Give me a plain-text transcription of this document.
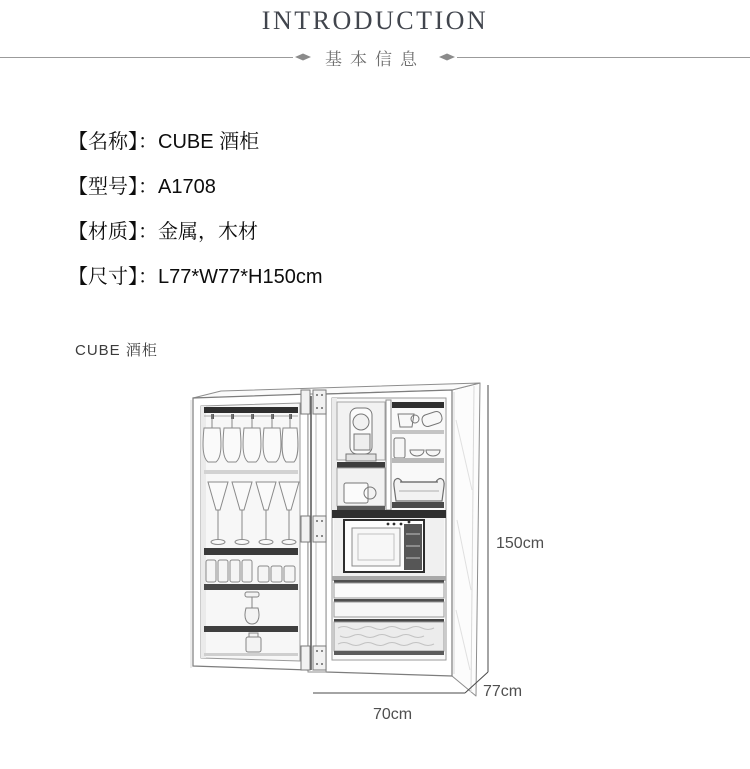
INTRODUCTION
基本信息
【名称】：CUBE 酒柜
【型号】：A1708
【材质】：金属，木材
【尺寸】：L77*W77*H150cm
CUBE 酒柜
150cm
77cm
70cm
